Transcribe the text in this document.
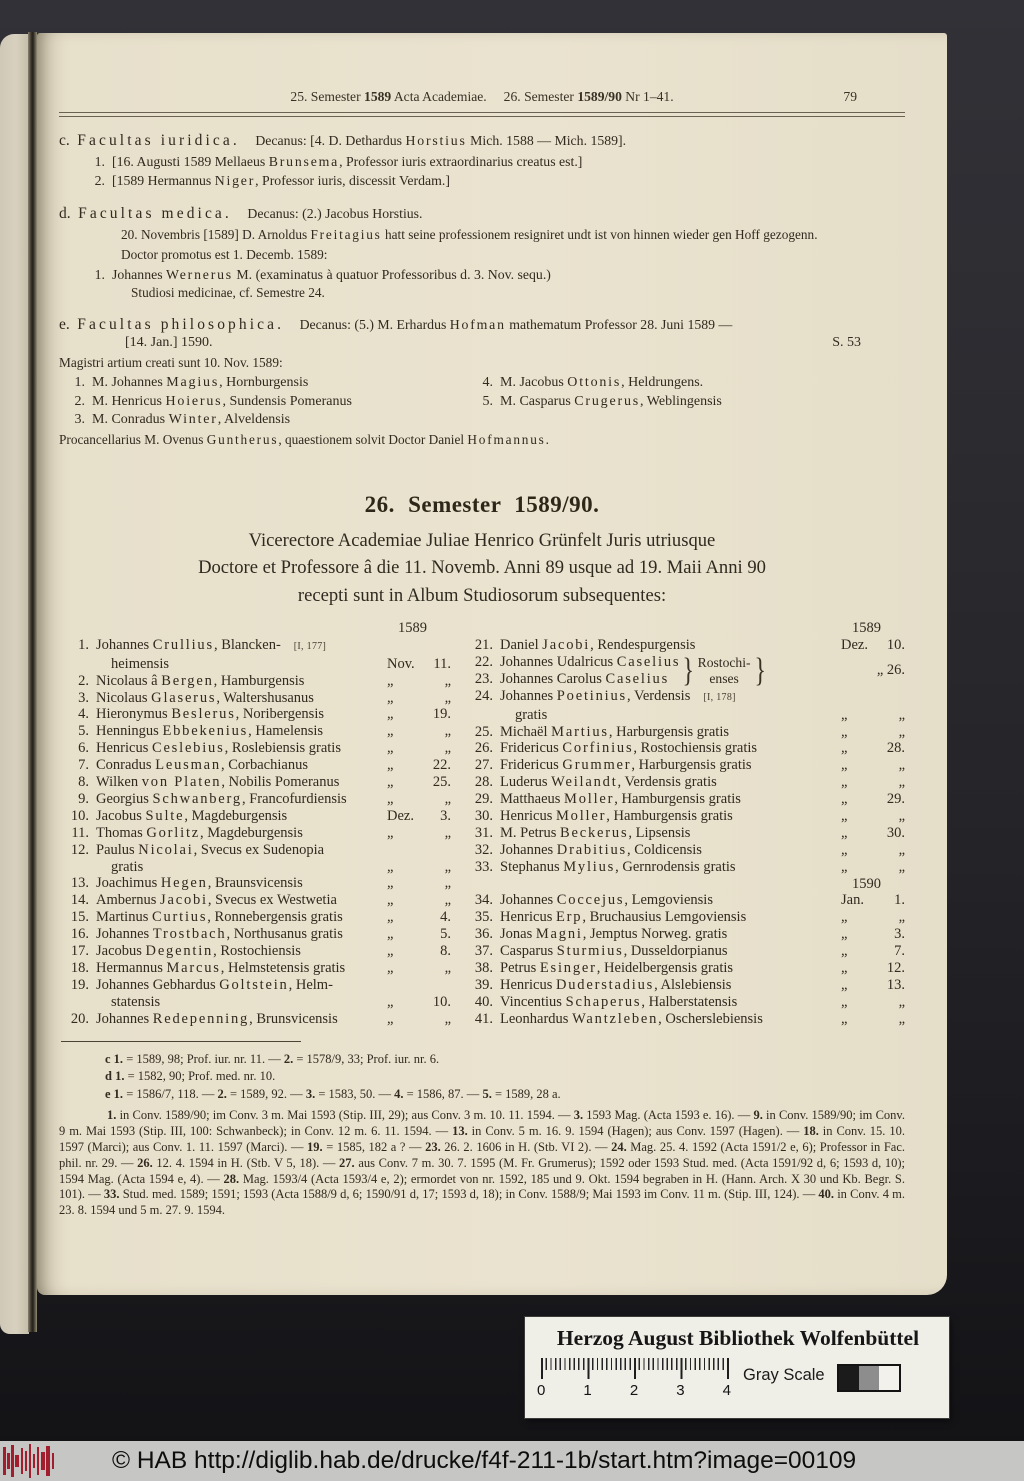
25. Semester 1589 Acta Academiae.  26. Semester 1589/90 Nr 1–41.	79
c. Facultas iuridica. Decanus: [4. D. Dethardus Horstius Mich. 1588 — Mich. 1589].
1. [16. Augusti 1589 Mellaeus Brunsema, Professor iuris extraordinarius creatus est.]
2. [1589 Hermannus Niger, Professor iuris, discessit Verdam.]
d. Facultas medica. Decanus: (2.) Jacobus Horstius.

20. Novembris [1589] D. Arnoldus Freitagius hatt seine professionem resigniret undt ist von hinnen wieder gen Hoff gezogenn.

Doctor promotus est 1. Decemb. 1589:

1. Johannes Wernerus M. (examinatus à quatuor Professoribus d. 3. Nov. sequ.)

Studiosi medicinae, cf. Semestre 24.

e. Facultas philosophica. Decanus: (5.) M. Erhardus Hofman mathematum Professor 28. Juni 1589 —
[14. Jan.] 1590.	S. 53

Magistri artium creati sunt 10. Nov. 1589:

1. M. Johannes Magius, Hornburgensis
2. M. Henricus Hoierus, Sundensis Pomeranus
3. M. Conradus Winter, Alveldensis
4. M. Jacobus Ottonis, Heldrungens.
5. M. Casparus Crugerus, Weblingensis

Procancellarius M. Ovenus Guntherus, quaestionem solvit Doctor Daniel Hofmannus.

26. Semester 1589/90.
Vicerectore Academiae Juliae Henrico Grünfelt Juris utriusque
Doctore et Professore â die 11. Novemb. Anni 89 usque ad 19. Maii Anni 90
recepti sunt in Album Studiosorum subsequentes:
1589
1. Johannes Crullius, Blancken- [I, 177]
heimensis	Nov.	11.
2. Nicolaus â Bergen, Hamburgensis	„	„
3. Nicolaus Glaserus, Waltershusanus	„	„
4. Hieronymus Beslerus, Noribergensis	„	19.
5. Henningus Ebbekenius, Hamelensis	„	„
6. Henricus Ceslebius, Roslebiensis gratis	„	„
7. Conradus Leusman, Corbachianus	„	22.
8. Wilken von Platen, Nobilis Pomeranus	„	25.
9. Georgius Schwanberg, Francofurdiensis	„	„
10. Jacobus Sulte, Magdeburgensis	Dez.	3.
11. Thomas Gorlitz, Magdeburgensis	„	„
12. Paulus Nicolai, Svecus ex Sudenopia
gratis	„	„
13. Joachimus Hegen, Braunsvicensis	„	„
14. Ambernus Jacobi, Svecus ex Westwetia	„	„
15. Martinus Curtius, Ronnebergensis gratis	„	4.
16. Johannes Trostbach, Northusanus gratis	„	5.
17. Jacobus Degentin, Rostochiensis	„	8.
18. Hermannus Marcus, Helmstetensis gratis	„	„
19. Johannes Gebhardus Goltstein, Helm-
statensis	„	10.
20. Johannes Redepenning, Brunsvicensis	„	„
1589
21. Daniel Jacobi, Rendespurgensis	Dez.	10.
22. Johannes Udalricus Caselius
23. Johannes Carolus Caselius } Rostochi-
enses }	„ 26.
24. Johannes Poetinius, Verdensis [I, 178]
gratis	„	„
25. Michaël Martius, Harburgensis gratis	„	„
26. Fridericus Corfinius, Rostochiensis gratis	„	28.
27. Fridericus Grummer, Harburgensis gratis	„	„
28. Luderus Weilandt, Verdensis gratis	„	„
29. Matthaeus Moller, Hamburgensis gratis	„	29.
30. Henricus Moller, Hamburgensis gratis	„	„
31. M. Petrus Beckerus, Lipsensis	„	30.
32. Johannes Drabitius, Coldicensis	„	„
33. Stephanus Mylius, Gernrodensis gratis	„	„
1590
34. Johannes Coccejus, Lemgoviensis	Jan.	1.
35. Henricus Erp, Bruchausius Lemgoviensis	„	„
36. Jonas Magni, Jemptus Norweg. gratis	„	3.
37. Casparus Sturmius, Dusseldorpianus	„	7.
38. Petrus Esinger, Heidelbergensis gratis	„	12.
39. Henricus Duderstadius, Alslebiensis	„	13.
40. Vincentius Schaperus, Halberstatensis	„	„
41. Leonhardus Wantzleben, Oscherslebiensis	„	„

c 1. = 1589, 98; Prof. iur. nr. 11. — 2. = 1578/9, 33; Prof. iur. nr. 6.

d 1. = 1582, 90; Prof. med. nr. 10.

e 1. = 1586/7, 118. — 2. = 1589, 92. — 3. = 1583, 50. — 4. = 1586, 87. — 5. = 1589, 28 a.

1. in Conv. 1589/90; im Conv. 3 m. Mai 1593 (Stip. III, 29); aus Conv. 3 m. 10. 11. 1594. — 3. 1593 Mag. (Acta 1593 e. 16). — 9. in Conv. 1589/90; im Conv. 9 m. Mai 1593 (Stip. III, 100: Schwanbeck); in Conv. 12 m. 6. 11. 1594. — 13. in Conv. 5 m. 16. 9. 1594 (Hagen); aus Conv. 1597 (Hagen). — 18. in Conv. 15. 10. 1597 (Marci); aus Conv. 1. 11. 1597 (Marci). — 19. = 1585, 182 a ? — 23. 26. 2. 1606 in H. (Stb. VI 2). — 24. Mag. 25. 4. 1592 (Acta 1591/2 e, 6); Professor in Fac. phil. nr. 29. — 26. 12. 4. 1594 in H. (Stb. V 5, 18). — 27. aus Conv. 7 m. 30. 7. 1595 (M. Fr. Grumerus); 1592 oder 1593 Stud. med. (Acta 1591/92 d, 6; 1593 d, 10); 1594 Mag. (Acta 1594 e, 4). — 28. Mag. 1593/4 (Acta 1593/4 e, 2); ermordet von nr. 1592, 185 und 9. Okt. 1594 begraben in H. (Hann. Arch. X 30 und Kb. Begr. S. 101). — 33. Stud. med. 1589; 1591; 1593 (Acta 1588/9 d, 6; 1590/91 d, 17; 1593 d, 18); in Conv. 1588/9; Mai 1593 im Conv. 11 m. (Stip. III, 124). — 40. in Conv. 4 m. 23. 8. 1594 und 5 m. 27. 9. 1594.

Herzog August Bibliothek Wolfenbüttel
0	1	2	3	4
Gray Scale
© HAB http://diglib.hab.de/drucke/f4f-211-1b/start.htm?image=00109
